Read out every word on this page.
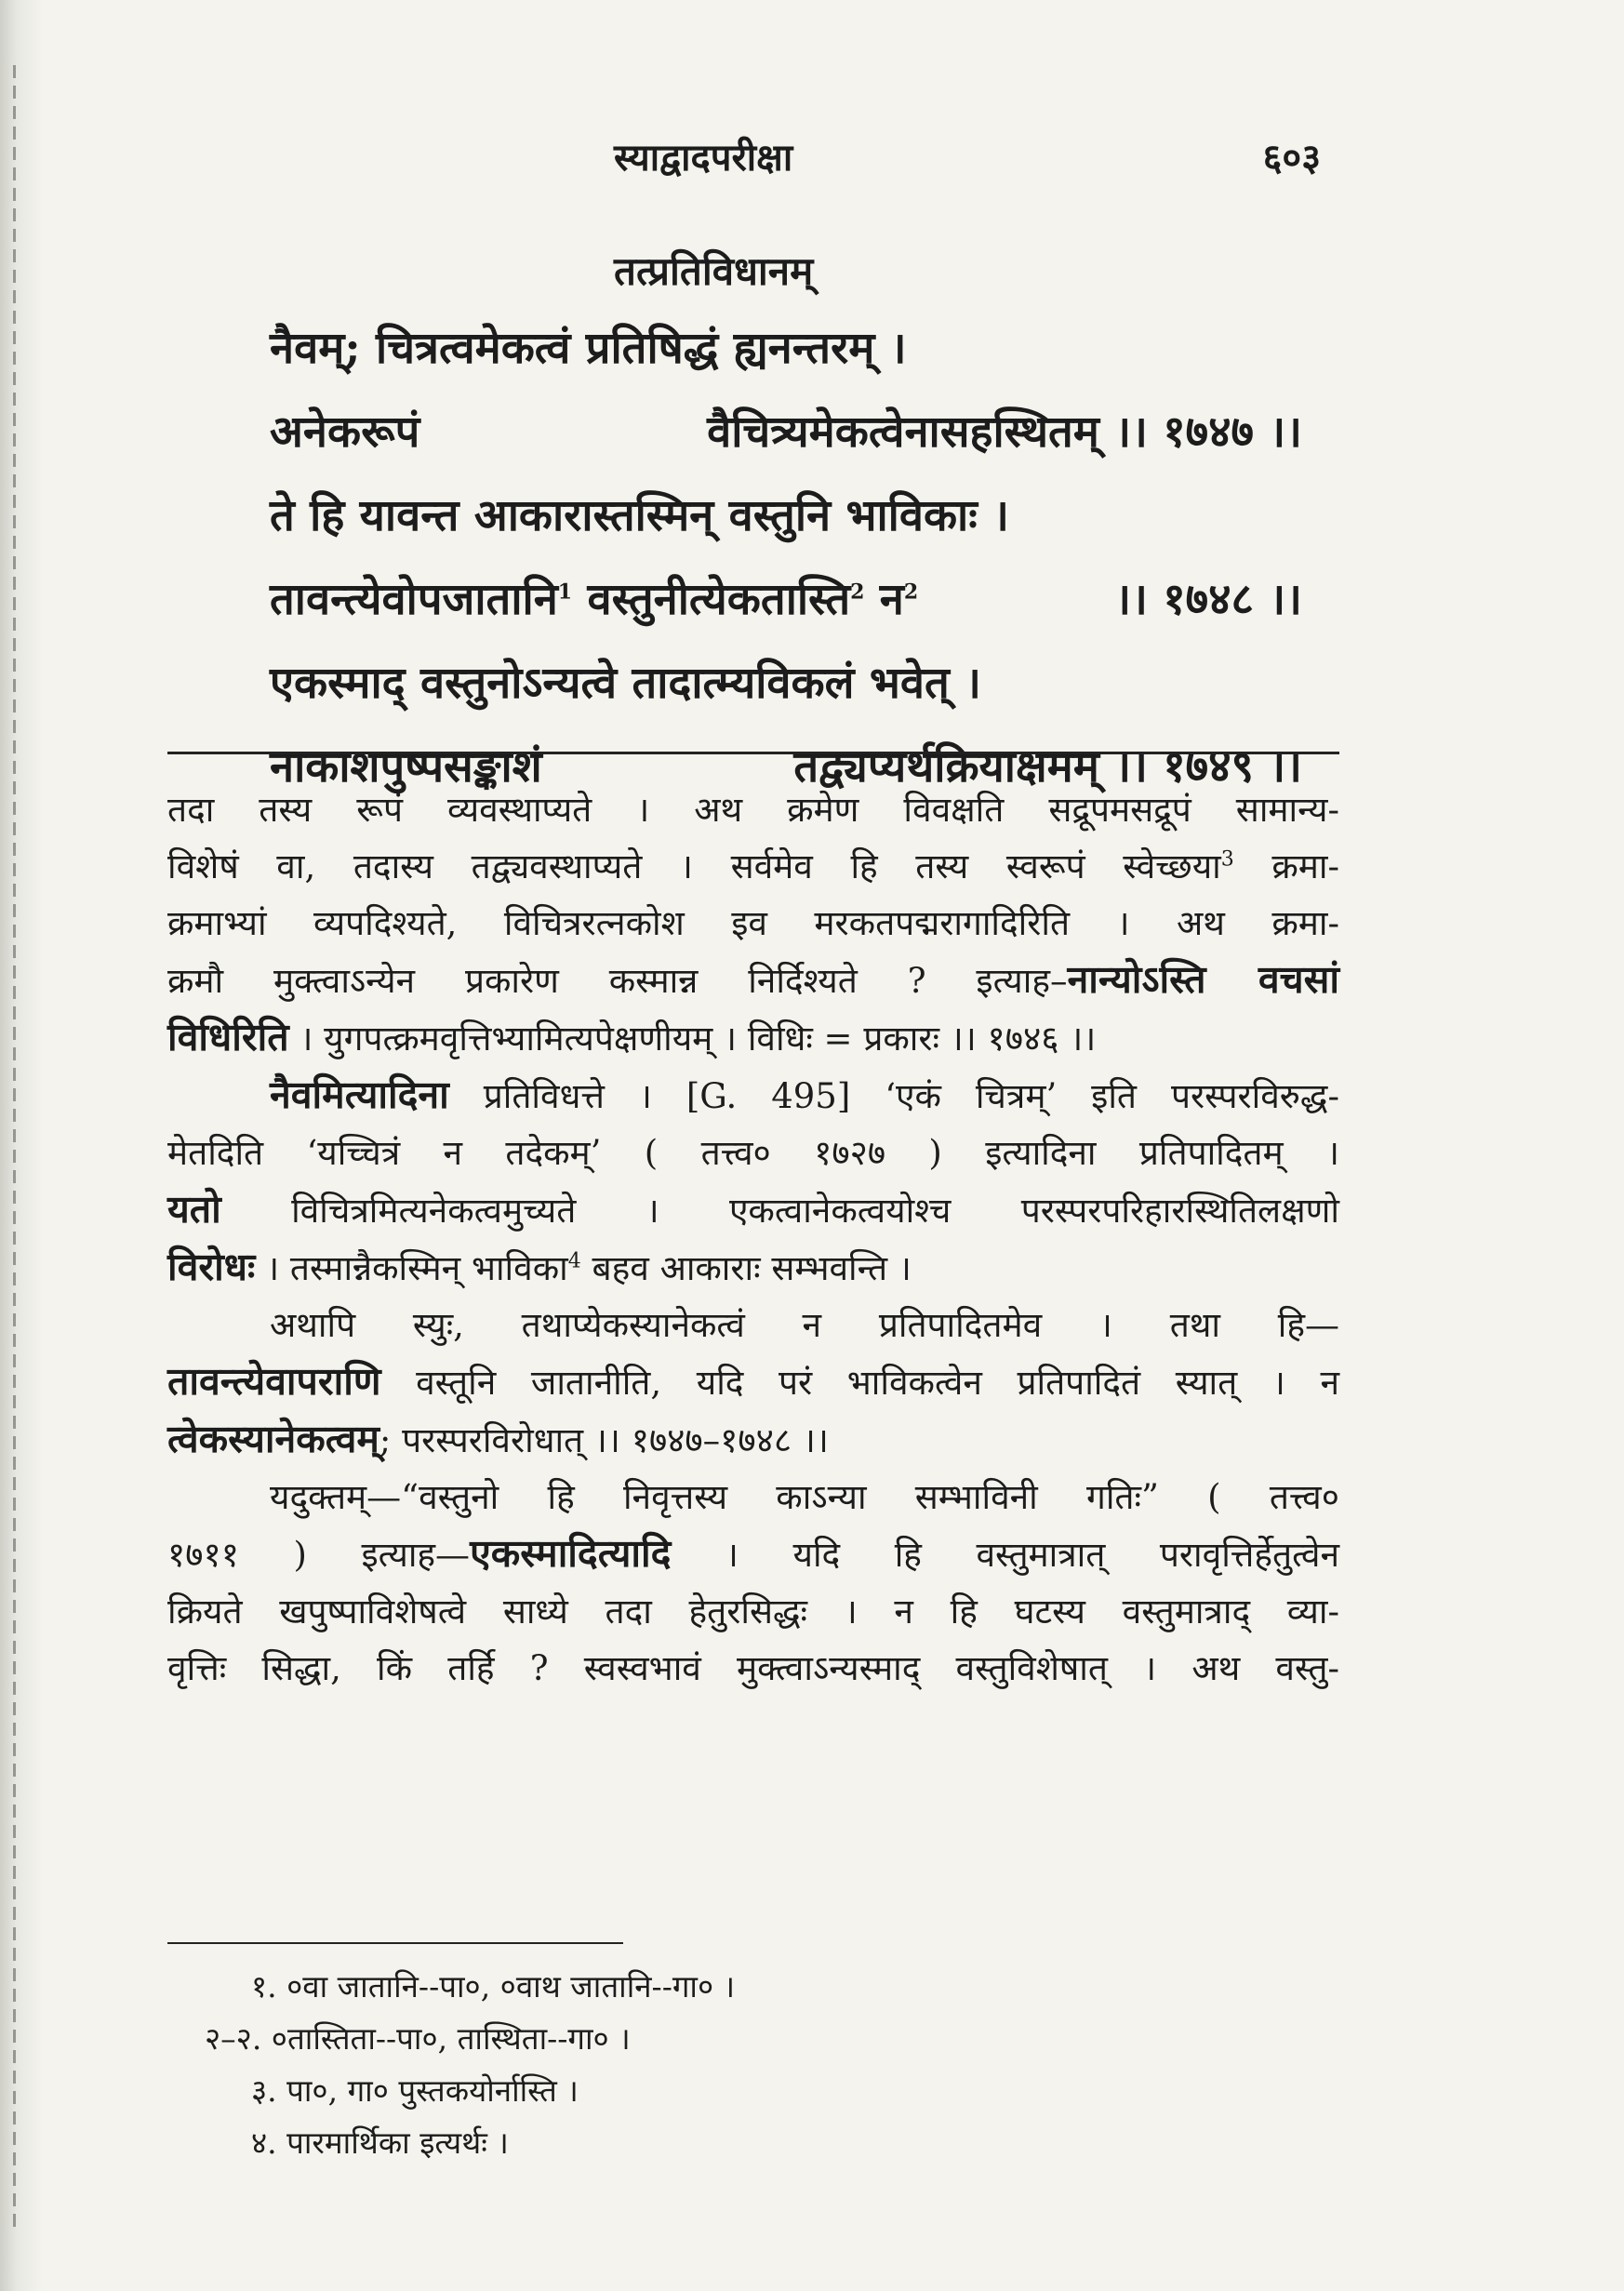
स्याद्वादपरीक्षा	६०३
तत्प्रतिविधानम्
नैवम्; चित्रत्वमेकत्वं प्रतिषिद्धं ह्यनन्तरम् ।
अनेकरूपं	वैचित्र्यमेकत्वेनासहस्थितम् ।। १७४७ ।।
ते हि यावन्त आकारास्तस्मिन् वस्तुनि भाविकाः ।
तावन्त्येवोपजातानि$^1$ वस्तुनीत्येकतास्ति$^2$ न$^2$	।। १७४८ ।।
एकस्माद् वस्तुनोऽन्यत्वे तादात्म्यविकलं भवेत् ।
नाकाशपुष्पसङ्काशं	तद्व्यप्यर्थक्रियाक्षमम् ।। १७४९ ।।

तदा तस्य रूपं व्यवस्थाप्यते । अथ क्रमेण विवक्षति सद्रूपमसद्रूपं सामान्य-

विशेषं वा, तदास्य तद्व्यवस्थाप्यते । सर्वमेव हि तस्य स्वरूपं स्वेच्छया$^3$ क्रमा-

क्रमाभ्यां व्यपदिश्यते, विचित्ररत्नकोश इव मरकतपद्मरागादिरिति । अथ क्रमा-

क्रमौ मुक्त्वाऽन्येन प्रकारेण कस्मान्न निर्दिश्यते ? इत्याह–नान्योऽस्ति वचसां

विधिरिति । युगपत्क्रमवृत्तिभ्यामित्यपेक्षणीयम् । विधिः = प्रकारः ।। १७४६ ।।

नैवमित्यादिना प्रतिविधत्ते । [G. 495] ‘एकं चित्रम्’ इति परस्परविरुद्ध-

मेतदिति ‘यच्चित्रं न तदेकम्’ ( तत्त्व० १७२७ ) इत्यादिना प्रतिपादितम् ।

यतो विचित्रमित्यनेकत्वमुच्यते । एकत्वानेकत्वयोश्च परस्परपरिहारस्थितिलक्षणो

विरोधः । तस्मान्नैकस्मिन् भाविका$^4$ बहव आकाराः सम्भवन्ति ।

अथापि स्युः, तथाप्येकस्यानेकत्वं न प्रतिपादितमेव । तथा हि—

तावन्त्येवापराणि वस्तूनि जातानीति, यदि परं भाविकत्वेन प्रतिपादितं स्यात् । न

त्वेकस्यानेकत्वम्; परस्परविरोधात् ।। १७४७–१७४८ ।।

यदुक्तम्—“वस्तुनो हि निवृत्तस्य काऽन्या सम्भाविनी गतिः” ( तत्त्व०

१७११ ) इत्याह—एकस्मादित्यादि । यदि हि वस्तुमात्रात् परावृत्तिर्हेतुत्वेन

क्रियते खपुष्पाविशेषत्वे साध्ये तदा हेतुरसिद्धः । न हि घटस्य वस्तुमात्राद् व्या-

वृत्तिः सिद्धा, किं तर्हि ? स्वस्वभावं मुक्त्वाऽन्यस्माद् वस्तुविशेषात् । अथ वस्तु-

१. ०वा जातानि--पा०, ०वाथ जातानि--गा० ।
२–२. ०तास्तिता--पा०, तास्थिता--गा० ।
३. पा०, गा० पुस्तकयोर्नास्ति ।
४. पारमार्थिका इत्यर्थः ।
